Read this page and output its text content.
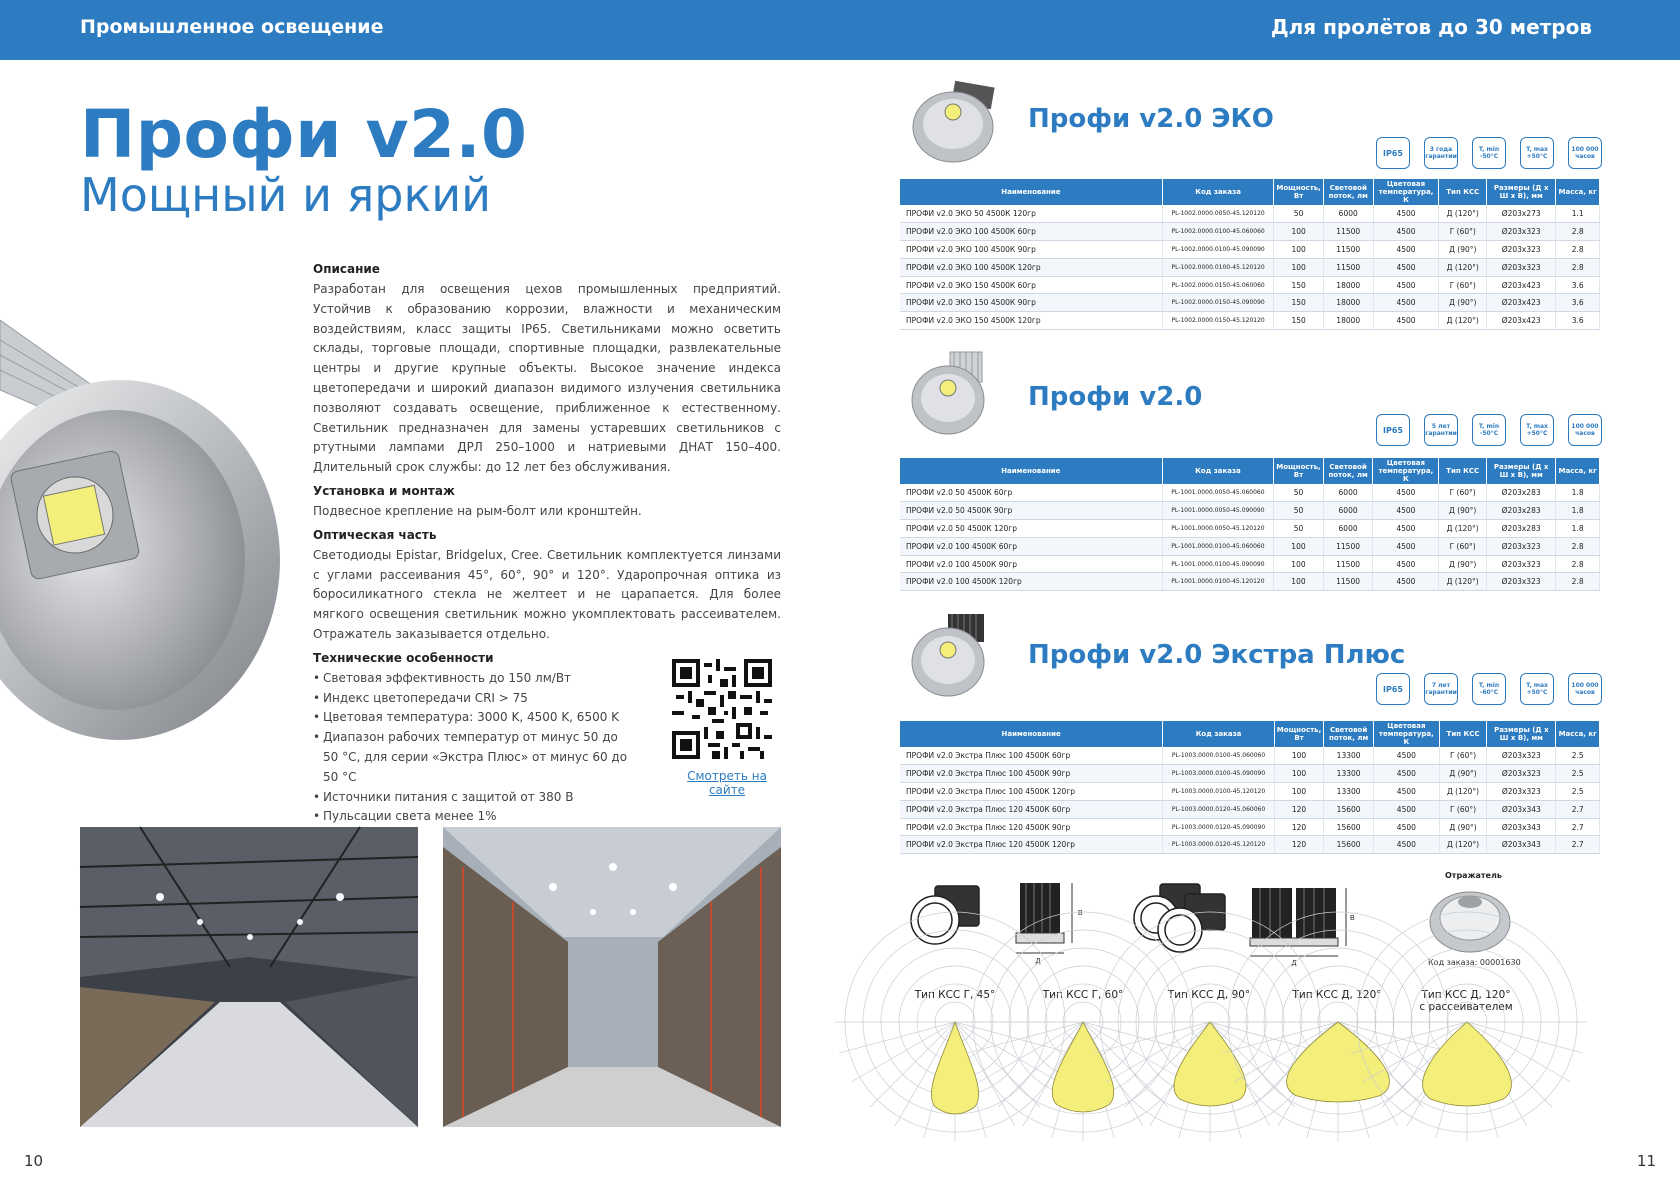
Промышленное освещение	Для пролётов до 30 метров
Профи v2.0
Мощный и яркий
Описание

Разработан для освещения цехов промышленных предприятий. Устойчив к образованию коррозии, влажности и механическим воздействиям, класс защиты IP65. Светильниками можно осветить склады, торговые площади, спортивные площадки, развлекательные центры и другие крупные объекты. Высокое значение индекса цветопередачи и широкий диапазон видимого излучения светильника позволяют создавать освещение, приближенное к естественному. Светильник предназначен для замены устаревших светильников с ртутными лампами ДРЛ 250–1000 и натриевыми ДНАТ 150–400. Длительный срок службы: до 12 лет без обслуживания.

Установка и монтаж

Подвесное крепление на рым-болт или кронштейн.

Оптическая часть

Светодиоды Epistar, Bridgelux, Cree. Светильник комплектуется линзами с углами рассеивания 45°, 60°, 90° и 120°. Ударопрочная оптика из боросиликатного стекла не желтеет и не царапается. Для более мягкого освещения светильник можно укомплектовать рассеивателем. Отражатель заказывается отдельно.

Технические особенности
• Световая эффективность до 150 лм/Вт
• Индекс цветопередачи CRI > 75
• Цветовая температура: 3000 K, 4500 K, 6500 K
• Диапазон рабочих температур от минус 50 до 50 °С, для серии «Экстра Плюс» от минус 60 до 50 °С
• Источники питания с защитой от 380 В
• Пульсации света менее 1%
Смотреть на сайте
Профи v2.0 ЭКО
IP65	3 года гарантии
T, min -50°C
T, max +50°C
100 000 часов
Наименование	Код заказа	Мощность, Вт	Световой поток, лм	Цветовая температура, К	Тип КСС	Размеры (Д х Ш х В), мм	Масса, кг
ПРОФИ v2.0 ЭКО 50 4500К 120гр	PL-1002.0000.0050-45.120120	50	6000	4500	Д (120°)	Ø203x273	1.1
ПРОФИ v2.0 ЭКО 100 4500К 60гр	PL-1002.0000.0100-45.060060	100	11500	4500	Г (60°)	Ø203x323	2.8
ПРОФИ v2.0 ЭКО 100 4500К 90гр	PL-1002.0000.0100-45.090090	100	11500	4500	Д (90°)	Ø203x323	2.8
ПРОФИ v2.0 ЭКО 100 4500К 120гр	PL-1002.0000.0100-45.120120	100	11500	4500	Д (120°)	Ø203x323	2.8
ПРОФИ v2.0 ЭКО 150 4500К 60гр	PL-1002.0000.0150-45.060060	150	18000	4500	Г (60°)	Ø203x423	3.6
ПРОФИ v2.0 ЭКО 150 4500К 90гр	PL-1002.0000.0150-45.090090	150	18000	4500	Д (90°)	Ø203x423	3.6
ПРОФИ v2.0 ЭКО 150 4500К 120гр	PL-1002.0000.0150-45.120120	150	18000	4500	Д (120°)	Ø203x423	3.6
Профи v2.0
IP65	5 лет гарантии
T, min -50°C
T, max +50°C
100 000 часов
Наименование	Код заказа	Мощность, Вт	Световой поток, лм	Цветовая температура, К	Тип КСС	Размеры (Д х Ш х В), мм	Масса, кг
ПРОФИ v2.0 50 4500К 60гр	PL-1001.0000.0050-45.060060	50	6000	4500	Г (60°)	Ø203x283	1.8
ПРОФИ v2.0 50 4500К 90гр	PL-1001.0000.0050-45.090090	50	6000	4500	Д (90°)	Ø203x283	1.8
ПРОФИ v2.0 50 4500К 120гр	PL-1001.0000.0050-45.120120	50	6000	4500	Д (120°)	Ø203x283	1.8
ПРОФИ v2.0 100 4500К 60гр	PL-1001.0000.0100-45.060060	100	11500	4500	Г (60°)	Ø203x323	2.8
ПРОФИ v2.0 100 4500К 90гр	PL-1001.0000.0100-45.090090	100	11500	4500	Д (90°)	Ø203x323	2.8
ПРОФИ v2.0 100 4500К 120гр	PL-1001.0000.0100-45.120120	100	11500	4500	Д (120°)	Ø203x323	2.8
Профи v2.0 Экстра Плюс
IP65	7 лет гарантии
T, min -60°C
T, max +50°C
100 000 часов
Наименование	Код заказа	Мощность, Вт	Световой поток, лм	Цветовая температура, К	Тип КСС	Размеры (Д х Ш х В), мм	Масса, кг
ПРОФИ v2.0 Экстра Плюс 100 4500К 60гр	PL-1003.0000.0100-45.060060	100	13300	4500	Г (60°)	Ø203x323	2.5
ПРОФИ v2.0 Экстра Плюс 100 4500К 90гр	PL-1003.0000.0100-45.090090	100	13300	4500	Д (90°)	Ø203x323	2.5
ПРОФИ v2.0 Экстра Плюс 100 4500К 120гр	PL-1003.0000.0100-45.120120	100	13300	4500	Д (120°)	Ø203x323	2.5
ПРОФИ v2.0 Экстра Плюс 120 4500К 60гр	PL-1003.0000.0120-45.060060	120	15600	4500	Г (60°)	Ø203x343	2.7
ПРОФИ v2.0 Экстра Плюс 120 4500К 90гр	PL-1003.0000.0120-45.090090	120	15600	4500	Д (90°)	Ø203x343	2.7
ПРОФИ v2.0 Экстра Плюс 120 4500К 120гр	PL-1003.0000.0120-45.120120	120	15600	4500	Д (120°)	Ø203x343	2.7
Д
В
Д
В
Отражатель
Код заказа: 00001630
Тип КСС Г, 45°	Тип КСС Г, 60°	Тип КСС Д, 90°	Тип КСС Д, 120°	Тип КСС Д, 120°
с рассеивателем
10	11
